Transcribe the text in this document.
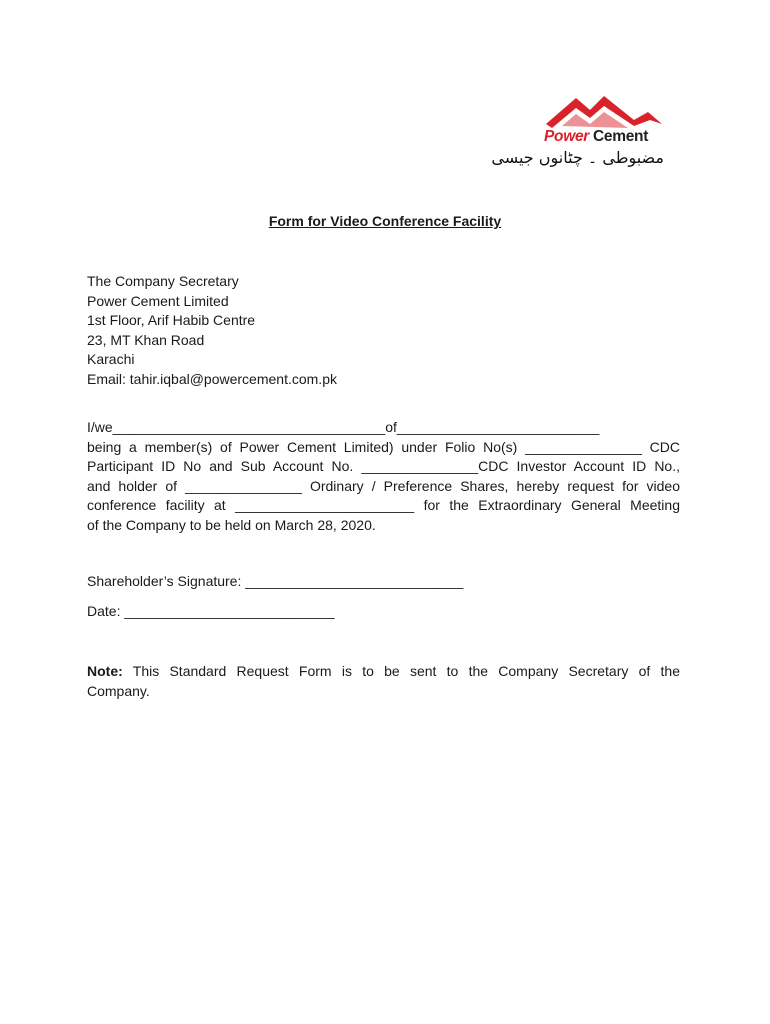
Power Cement
مضبوطی ۔ چٹانوں جیسی
Form for Video Conference Facility
The Company Secretary
Power Cement Limited
1st Floor, Arif Habib Centre
23, MT Khan Road
Karachi
Email: tahir.iqbal@powercement.com.pk
I/we___________________________________of__________________________
being a member(s) of Power Cement Limited) under Folio No(s) _______________ CDC
Participant ID No and Sub Account No. _______________CDC Investor Account ID No.,
and holder of _______________ Ordinary / Preference Shares, hereby request for video
conference facility at _______________________ for the Extraordinary General Meeting
of the Company to be held on March 28, 2020.
Shareholder’s Signature: ____________________________
Date: ___________________________
Note: This Standard Request Form is to be sent to the Company Secretary of the
Company.
